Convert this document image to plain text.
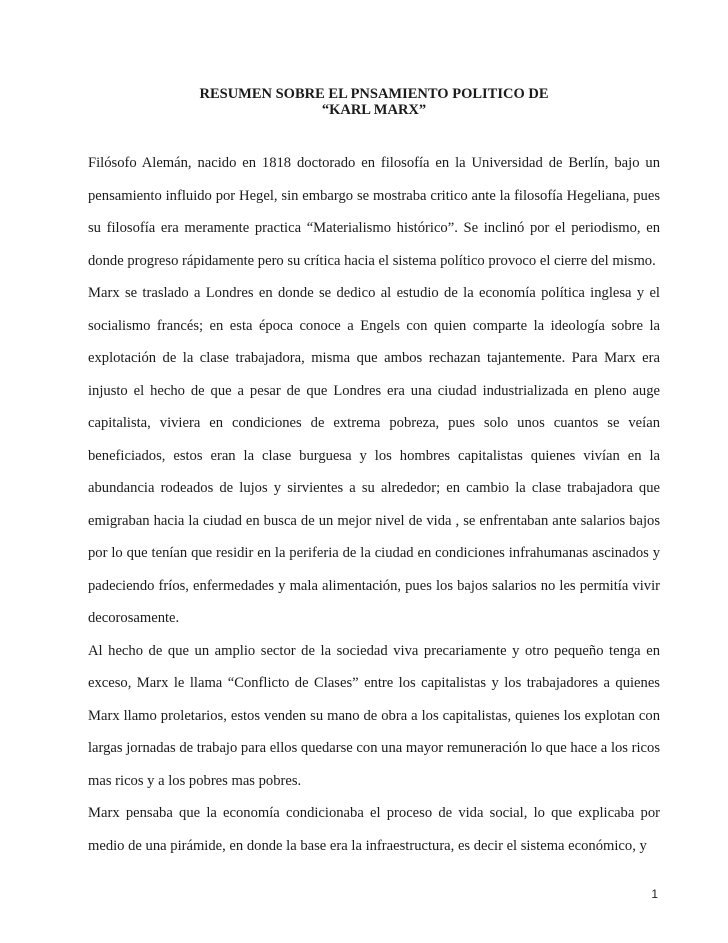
RESUMEN SOBRE EL PNSAMIENTO POLITICO DE
“KARL MARX”

Filósofo Alemán, nacido en 1818 doctorado en filosofía en la Universidad de Berlín, bajo un pensamiento influido por Hegel, sin embargo se mostraba critico ante la filosofía Hegeliana, pues su filosofía era meramente practica “Materialismo histórico”. Se inclinó por el periodismo, en donde progreso rápidamente pero su crítica hacia el sistema político provoco el cierre del mismo.

Marx se traslado a Londres en donde se dedico al estudio de la economía política inglesa y el socialismo francés; en esta época conoce a Engels con quien comparte la ideología sobre la explotación de la clase trabajadora, misma que ambos rechazan tajantemente. Para Marx era injusto el hecho de que a pesar de que Londres era una ciudad industrializada en pleno auge capitalista, viviera en condiciones de extrema pobreza, pues solo unos cuantos se veían beneficiados, estos eran la clase burguesa y los hombres capitalistas quienes vivían en la abundancia rodeados de lujos y sirvientes a su alrededor; en cambio la clase trabajadora que emigraban hacia la ciudad en busca de un mejor nivel de vida , se enfrentaban ante salarios bajos por lo que tenían que residir en la periferia de la ciudad en condiciones infrahumanas ascinados y padeciendo fríos, enfermedades y mala alimentación, pues los bajos salarios no les permitía vivir decorosamente.

Al hecho de que un amplio sector de la sociedad viva precariamente y otro pequeño tenga en exceso, Marx le llama “Conflicto de Clases” entre los capitalistas y los trabajadores a quienes Marx llamo proletarios, estos venden su mano de obra a los capitalistas, quienes los explotan con largas jornadas de trabajo para ellos quedarse con una mayor remuneración lo que hace a los ricos mas ricos y a los pobres mas pobres.

Marx pensaba que la economía condicionaba el proceso de vida social, lo que explicaba por medio de una pirámide, en donde la base era la infraestructura, es decir el sistema económico, y

1
